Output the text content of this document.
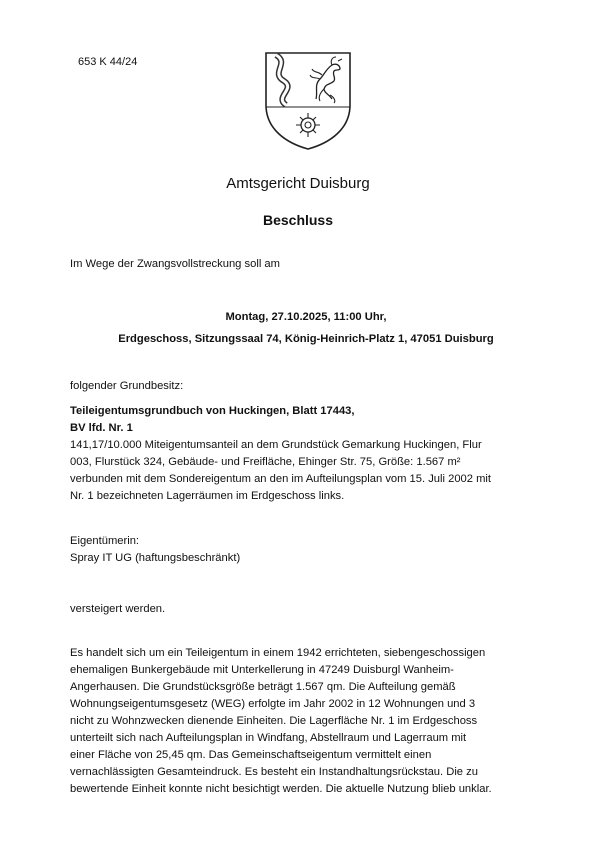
653 K 44/24
Amtsgericht Duisburg
Beschluss
Im Wege der Zwangsvollstreckung soll am
Montag, 27.10.2025, 11:00 Uhr,
Erdgeschoss, Sitzungssaal 74, König-Heinrich-Platz 1, 47051 Duisburg
folgender Grundbesitz:
Teileigentumsgrundbuch von Huckingen, Blatt 17443,
BV lfd. Nr. 1
141,17/10.000 Miteigentumsanteil an dem Grundstück Gemarkung Huckingen, Flur
003, Flurstück 324, Gebäude- und Freifläche, Ehinger Str. 75, Größe: 1.567 m²
verbunden mit dem Sondereigentum an den im Aufteilungsplan vom 15. Juli 2002 mit
Nr. 1 bezeichneten Lagerräumen im Erdgeschoss links.
Eigentümerin:
Spray IT UG (haftungsbeschränkt)
versteigert werden.
Es handelt sich um ein Teileigentum in einem 1942 errichteten, siebengeschossigen
ehemaligen Bunkergebäude mit Unterkellerung in 47249 Duisburgl Wanheim-
Angerhausen. Die Grundstücksgröße beträgt 1.567 qm. Die Aufteilung gemäß
Wohnungseigentumsgesetz (WEG) erfolgte im Jahr 2002 in 12 Wohnungen und 3
nicht zu Wohnzwecken dienende Einheiten. Die Lagerfläche Nr. 1 im Erdgeschoss
unterteilt sich nach Aufteilungsplan in Windfang, Abstellraum und Lagerraum mit
einer Fläche von 25,45 qm. Das Gemeinschaftseigentum vermittelt einen
vernachlässigten Gesamteindruck. Es besteht ein Instandhaltungsrückstau. Die zu
bewertende Einheit konnte nicht besichtigt werden. Die aktuelle Nutzung blieb unklar.
